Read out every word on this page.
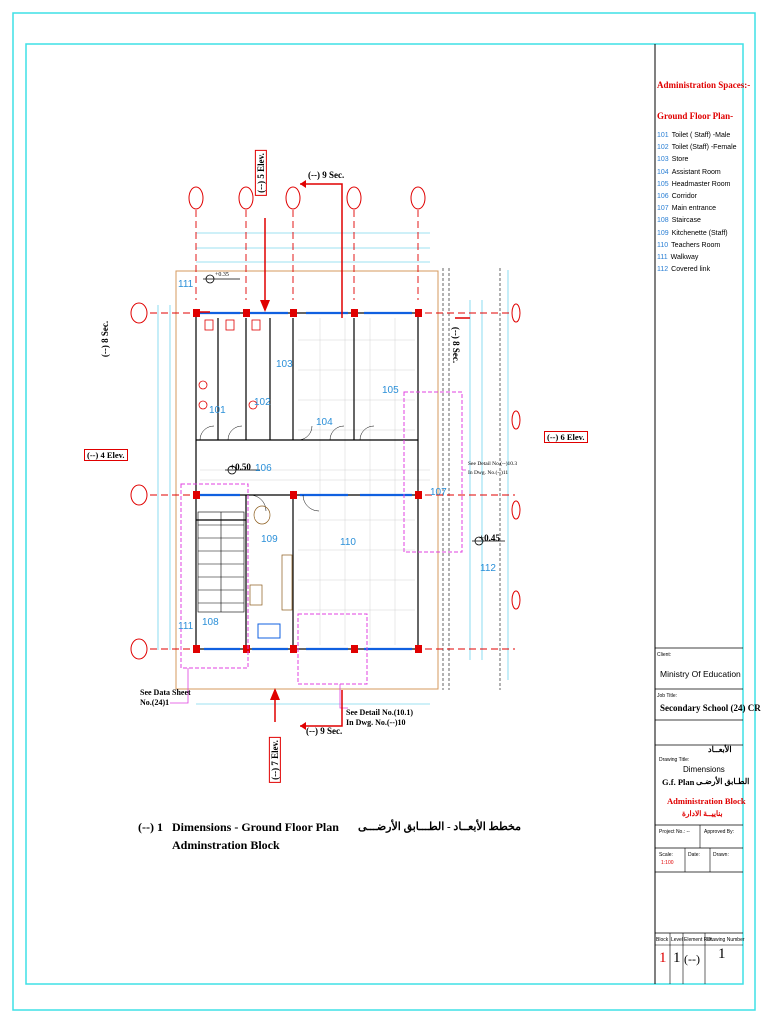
Administration Spaces:-
Ground Floor Plan-
101 Toilet ( Staff) -Male
102 Toilet (Staff) -Female
103 Store
104 Assistant Room
105 Headmaster Room
106 Corridor
107 Main entrance
108 Staircase
109 Kitchenette (Staff)
110 Teachers Room
111 Walkway
112 Covered link
Client:
Ministry Of Education
Job Title:
Secondary School (24) CR
Drawing Title:
الأبعــاد
Dimensions
G.f. Plan الطـابق الأرضـى
Administration Block
بناييــة الادارة
Project No.: --	Approved By:
Scale:
1:100
Date:	Drawn:
Block Level Element Ref.
Drawing Number
1 1 (--) 1
111
101
102
103
104
105
106
107
108
109	110
111
112
+0.35
+0.50
+0.45
(--) 9 Sec.
(--) 9 Sec.
(--) 8 Sec.	(--) 8 Sec.
(--) 5 Elev.
(--) 7 Elev.
(--) 4 Elev.
(--) 6 Elev.
See Detail No.(--)10.3
In Dwg. No.(--)11
See Data Sheet
No.(24)1
See Detail No.(10.1)
In Dwg. No.(--)10
(--) 1 Dimensions - Ground Floor Plan
Adminstration Block
مخطط الأبعــاد - الطـــابق الأرضـــى
